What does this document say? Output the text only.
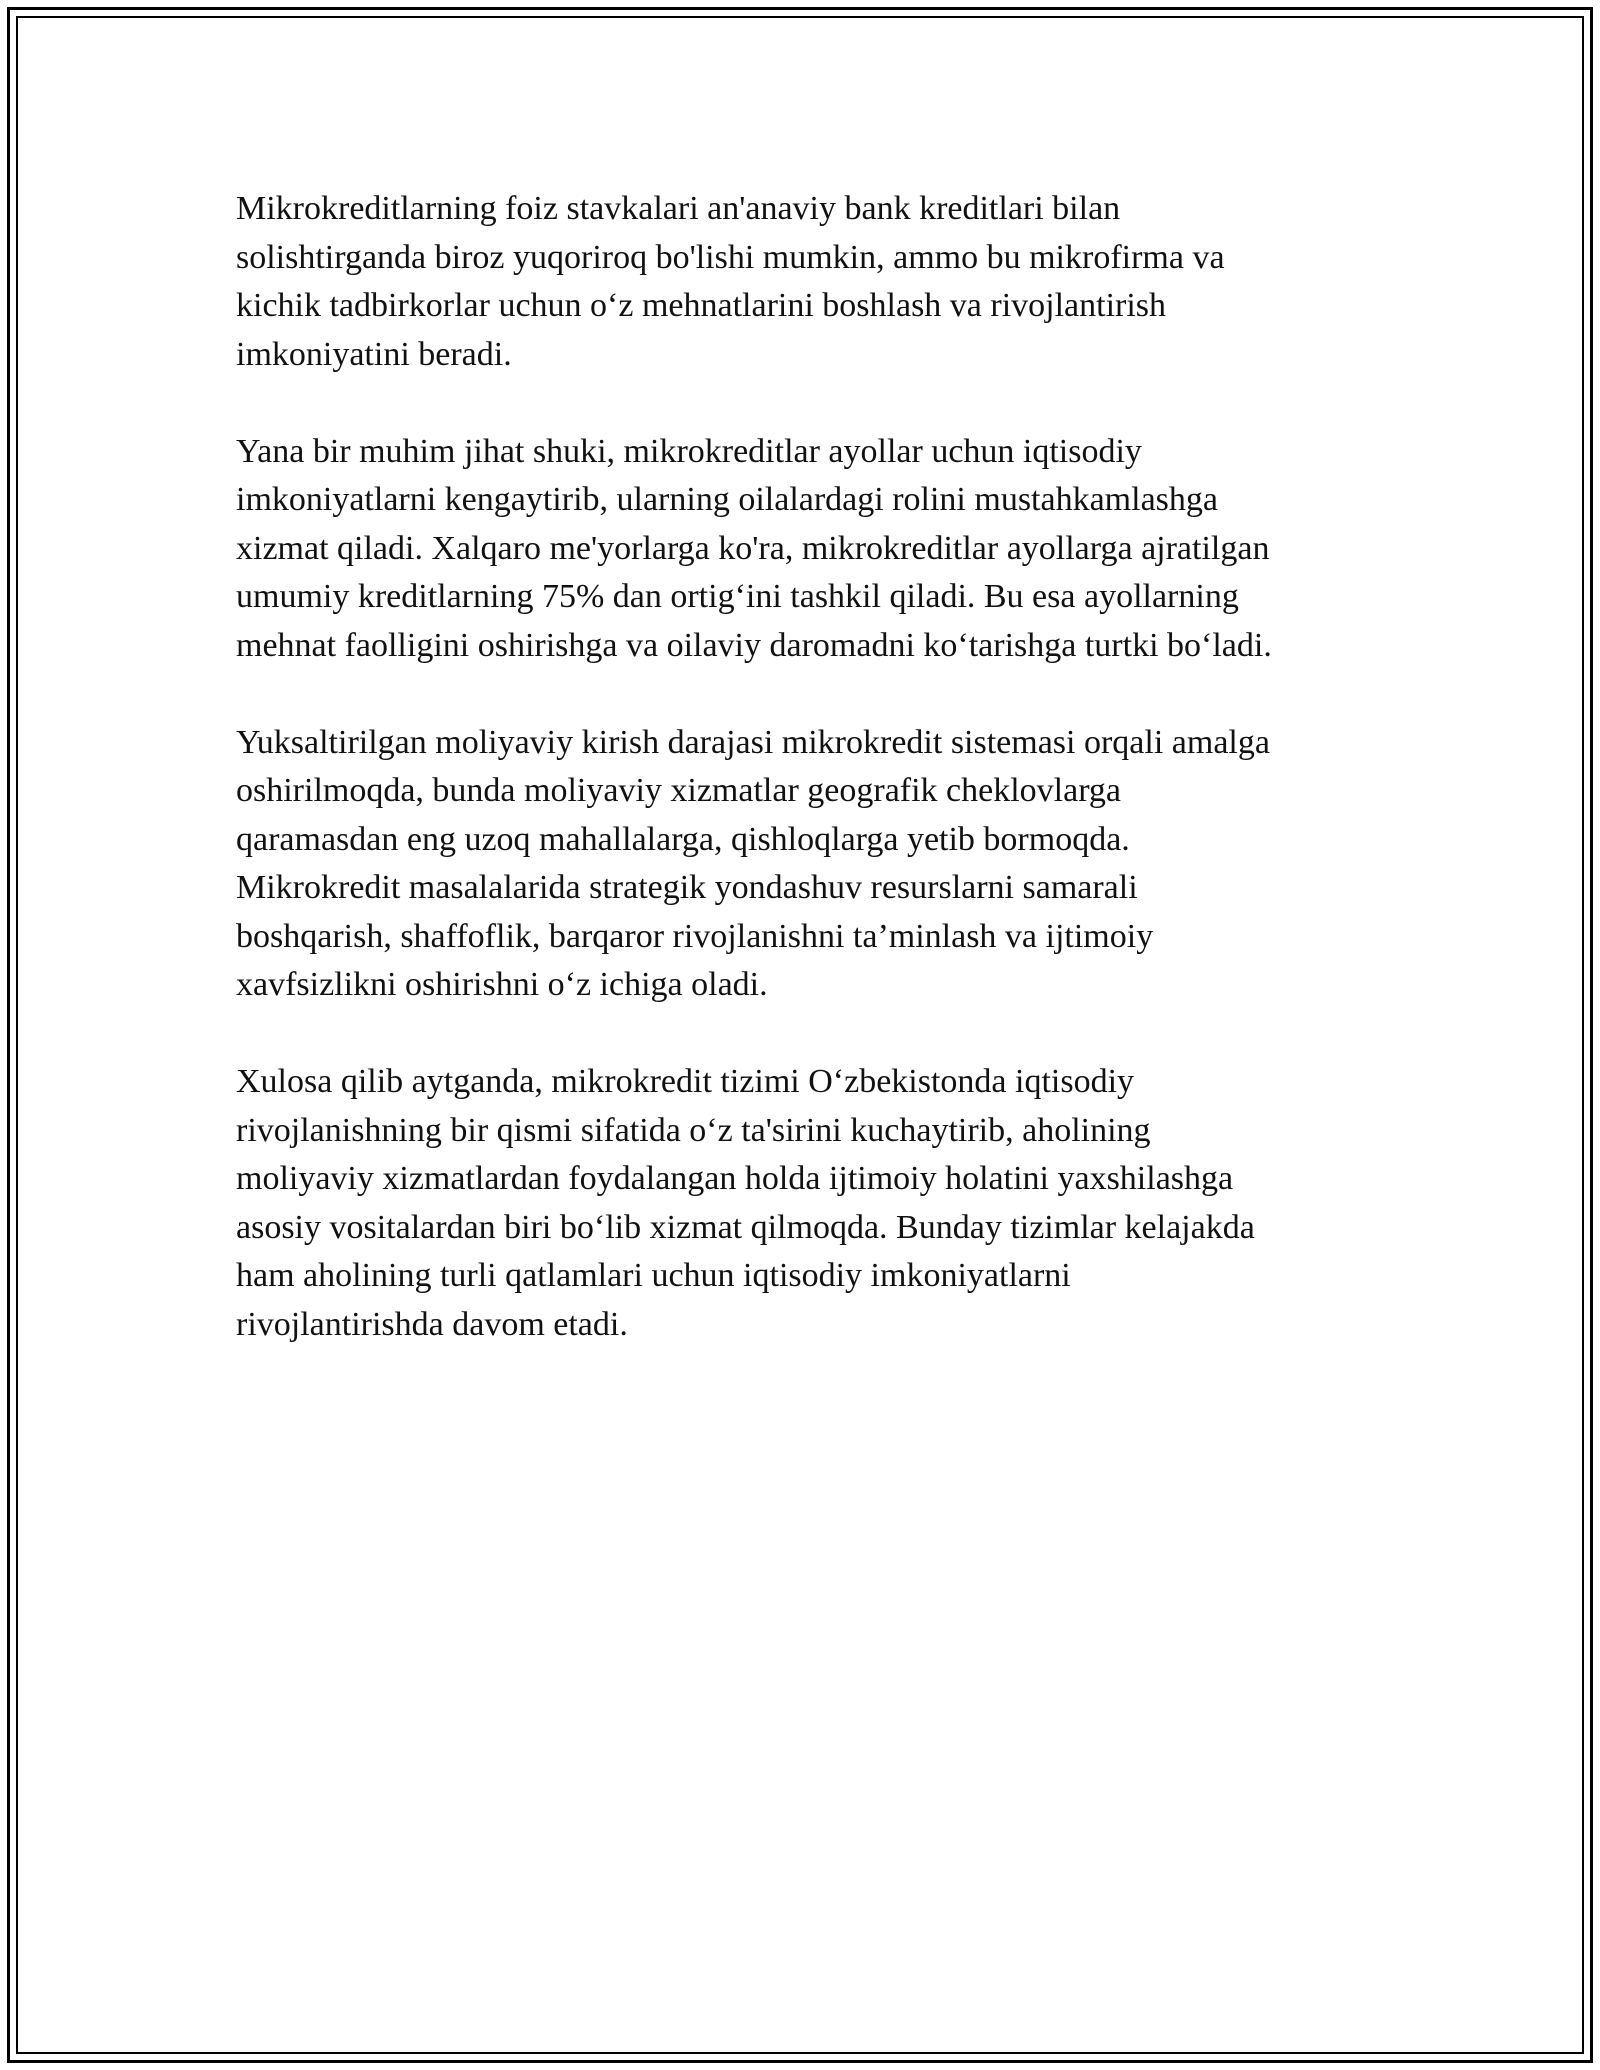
Mikrokreditlarning foiz stavkalari an'anaviy bank kreditlari bilan
solishtirganda biroz yuqoriroq bo'lishi mumkin, ammo bu mikrofirma va
kichik tadbirkorlar uchun o‘z mehnatlarini boshlash va rivojlantirish
imkoniyatini beradi.

Yana bir muhim jihat shuki, mikrokreditlar ayollar uchun iqtisodiy
imkoniyatlarni kengaytirib, ularning oilalardagi rolini mustahkamlashga
xizmat qiladi. Xalqaro me'yorlarga ko'ra, mikrokreditlar ayollarga ajratilgan
umumiy kreditlarning 75% dan ortig‘ini tashkil qiladi. Bu esa ayollarning
mehnat faolligini oshirishga va oilaviy daromadni ko‘tarishga turtki bo‘ladi.

Yuksaltirilgan moliyaviy kirish darajasi mikrokredit sistemasi orqali amalga
oshirilmoqda, bunda moliyaviy xizmatlar geografik cheklovlarga
qaramasdan eng uzoq mahallalarga, qishloqlarga yetib bormoqda.
Mikrokredit masalalarida strategik yondashuv resurslarni samarali
boshqarish, shaffoflik, barqaror rivojlanishni ta’minlash va ijtimoiy
xavfsizlikni oshirishni o‘z ichiga oladi.

Xulosa qilib aytganda, mikrokredit tizimi O‘zbekistonda iqtisodiy
rivojlanishning bir qismi sifatida o‘z ta'sirini kuchaytirib, aholining
moliyaviy xizmatlardan foydalangan holda ijtimoiy holatini yaxshilashga
asosiy vositalardan biri bo‘lib xizmat qilmoqda. Bunday tizimlar kelajakda
ham aholining turli qatlamlari uchun iqtisodiy imkoniyatlarni
rivojlantirishda davom etadi.
